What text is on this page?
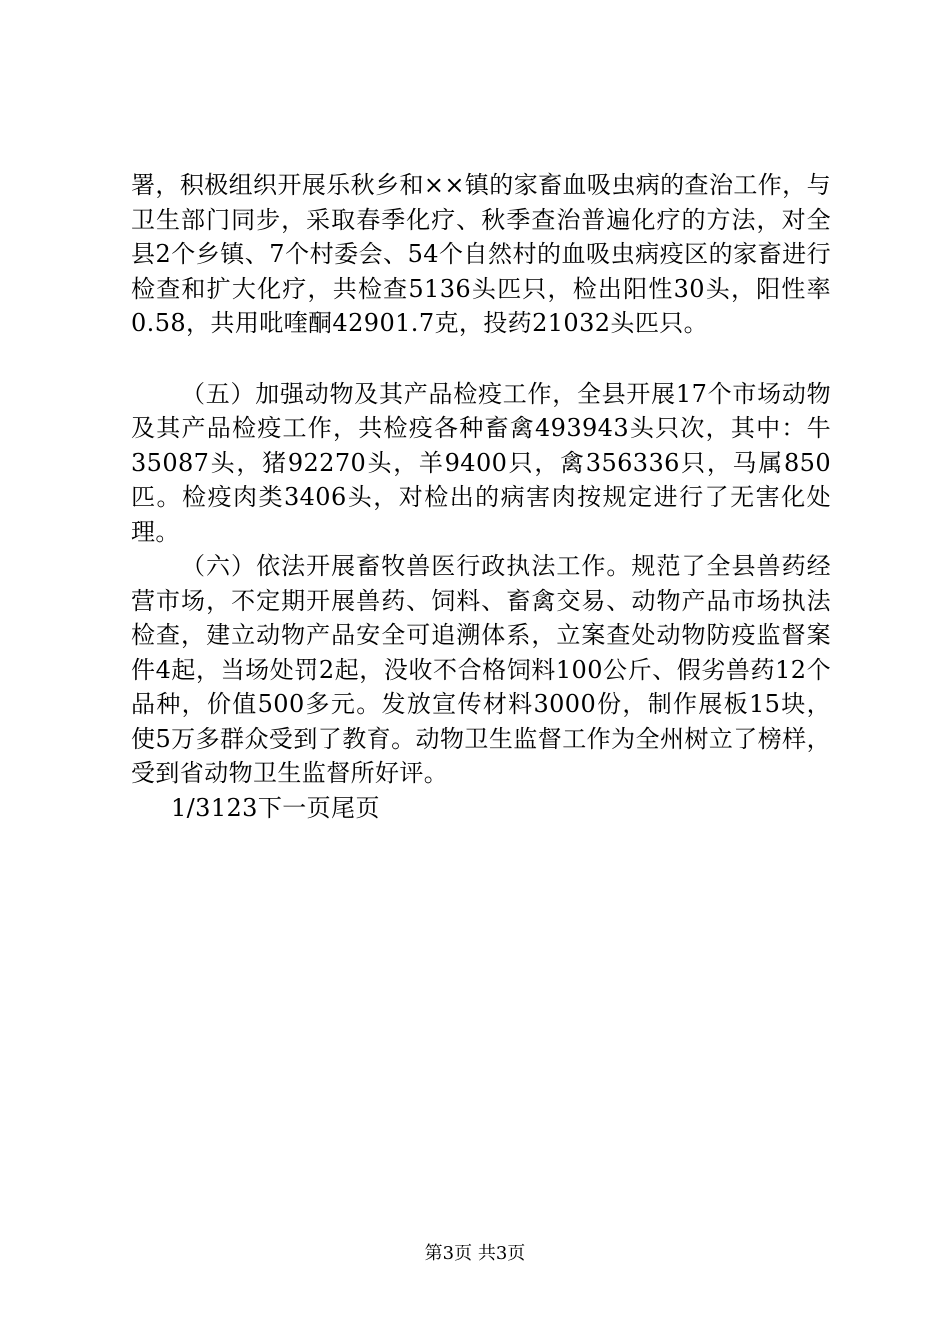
署，积极组织开展乐秋乡和××镇的家畜血吸虫病的查治工作，与卫生部门同步，采取春季化疗、秋季查治普遍化疗的方法，对全县2个乡镇、7个村委会、54个自然村的血吸虫病疫区的家畜进行检查和扩大化疗，共检查5136头匹只，检出阳性30头，阳性率0.58，共用吡喹酮42901.7克，投药21032头匹只。

（五）加强动物及其产品检疫工作，全县开展17个市场动物及其产品检疫工作，共检疫各种畜禽493943头只次，其中：牛35087头，猪92270头，羊9400只，禽356336只，马属850匹。检疫肉类3406头，对检出的病害肉按规定进行了无害化处理。

（六）依法开展畜牧兽医行政执法工作。规范了全县兽药经营市场，不定期开展兽药、饲料、畜禽交易、动物产品市场执法检查，建立动物产品安全可追溯体系，立案查处动物防疫监督案件4起，当场处罚2起，没收不合格饲料100公斤、假劣兽药12个品种，价值500多元。发放宣传材料3000份，制作展板15块，使5万多群众受到了教育。动物卫生监督工作为全州树立了榜样，受到省动物卫生监督所好评。

1/3123下一页尾页

第3页 共3页
